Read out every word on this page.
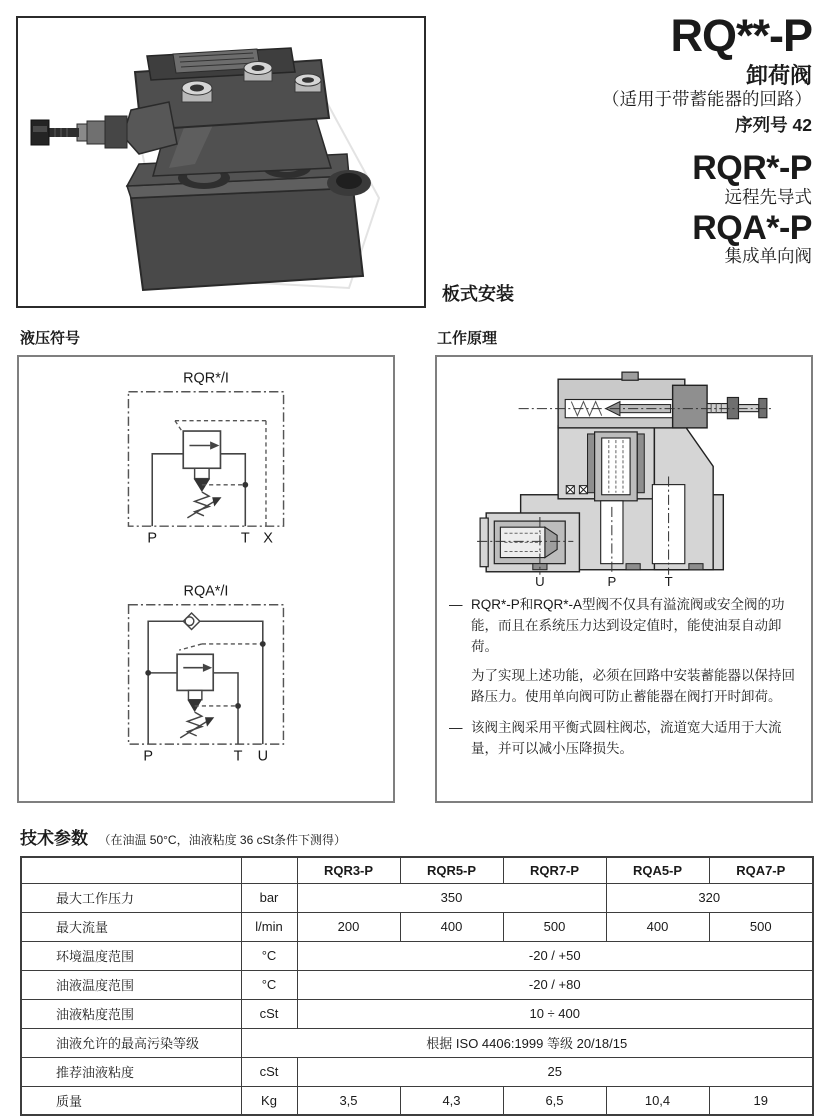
RQ**-P
卸荷阀
（适用于带蓄能器的回路）
序列号 42
RQR*-P
远程先导式
RQA*-P
集成单向阀
板式安装
液压符号
RQR*/I
P	T X
RQA*/I
P	T U
工作原理
U	P	T
— RQR*-P和RQR*-A型阀不仅具有溢流阀或安全阀的功能，而且在系统压力达到设定值时，能使油泵自动卸荷。
为了实现上述功能，必须在回路中安装蓄能器以保持回路压力。使用单向阀可防止蓄能器在阀打开时卸荷。
— 该阀主阀采用平衡式圆柱阀芯，流道宽大适用于大流量，并可以减小压降损失。
技术参数 （在油温 50°C，油液粘度 36 cSt条件下测得）
		RQR3-P	RQR5-P	RQR7-P	RQA5-P	RQA7-P
最大工作压力	bar	350			320	
最大流量	l/min	200	400	500	400	500
环境温度范围	°C	-20 / +50				
油液温度范围	°C	-20 / +80				
油液粘度范围	cSt	10 ÷ 400				
油液允许的最高污染等级	根据 ISO 4406:1999 等级 20/18/15					
推荐油液粘度	cSt	25				
质量	Kg	3,5	4,3	6,5	10,4	19
